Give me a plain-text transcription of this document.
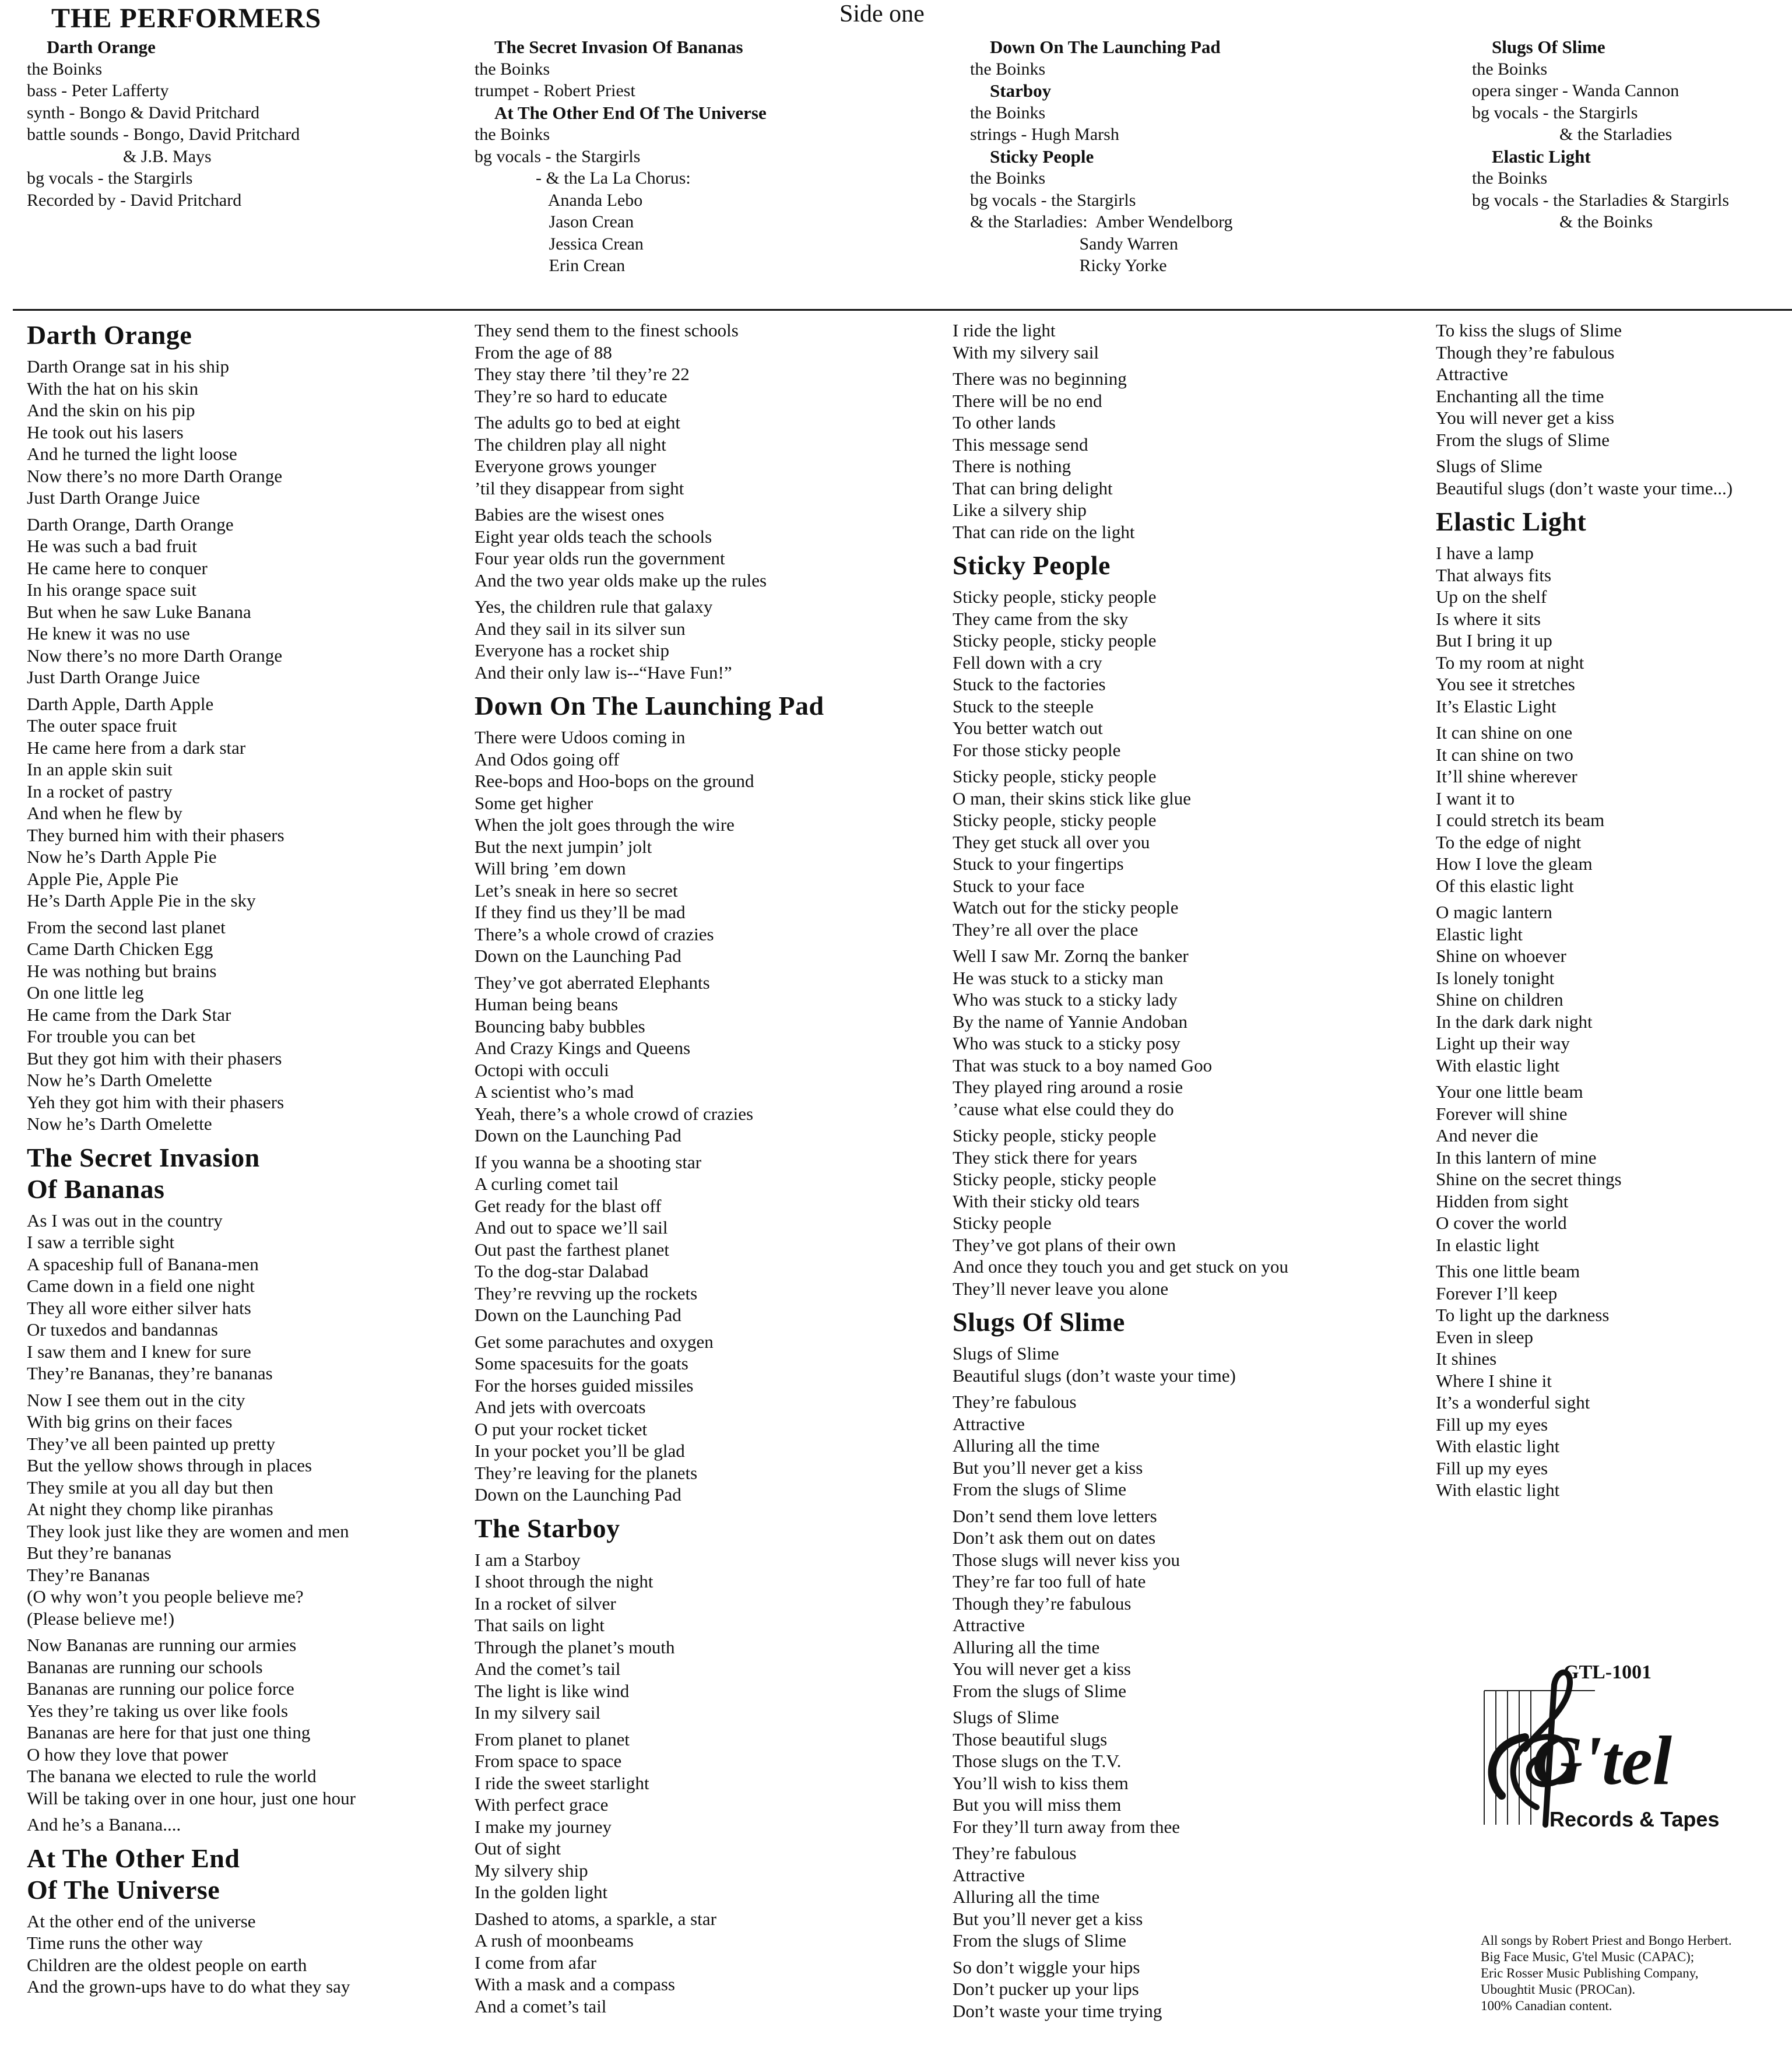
THE PERFORMERS	Side one
Darth Orange
the Boinks
bass - Peter Lafferty
synth - Bongo & David Pritchard
battle sounds - Bongo, David Pritchard
& J.B. Mays
bg vocals - the Stargirls
Recorded by - David Pritchard
The Secret Invasion Of Bananas
the Boinks
trumpet - Robert Priest
At The Other End Of The Universe
the Boinks
bg vocals - the Stargirls
- & the La La Chorus:
Ananda Lebo
Jason Crean
Jessica Crean
Erin Crean
Down On The Launching Pad
the Boinks
Starboy
the Boinks
strings - Hugh Marsh
Sticky People
the Boinks
bg vocals - the Stargirls
& the Starladies:  Amber Wendelborg
Sandy Warren
Ricky Yorke
Slugs Of Slime
the Boinks
opera singer - Wanda Cannon
bg vocals - the Stargirls
& the Starladies
Elastic Light
the Boinks
bg vocals - the Starladies & Stargirls
& the Boinks
Darth Orange
Darth Orange sat in his ship
With the hat on his skin
And the skin on his pip
He took out his lasers
And he turned the light loose
Now there’s no more Darth Orange
Just Darth Orange Juice
Darth Orange, Darth Orange
He was such a bad fruit
He came here to conquer
In his orange space suit
But when he saw Luke Banana
He knew it was no use
Now there’s no more Darth Orange
Just Darth Orange Juice
Darth Apple, Darth Apple
The outer space fruit
He came here from a dark star
In an apple skin suit
In a rocket of pastry
And when he flew by
They burned him with their phasers
Now he’s Darth Apple Pie
Apple Pie, Apple Pie
He’s Darth Apple Pie in the sky
From the second last planet
Came Darth Chicken Egg
He was nothing but brains
On one little leg
He came from the Dark Star
For trouble you can bet
But they got him with their phasers
Now he’s Darth Omelette
Yeh they got him with their phasers
Now he’s Darth Omelette
The Secret Invasion
Of Bananas
As I was out in the country
I saw a terrible sight
A spaceship full of Banana-men
Came down in a field one night
They all wore either silver hats
Or tuxedos and bandannas
I saw them and I knew for sure
They’re Bananas, they’re bananas
Now I see them out in the city
With big grins on their faces
They’ve all been painted up pretty
But the yellow shows through in places
They smile at you all day but then
At night they chomp like piranhas
They look just like they are women and men
But they’re bananas
They’re Bananas
(O why won’t you people believe me?
(Please believe me!)
Now Bananas are running our armies
Bananas are running our schools
Bananas are running our police force
Yes they’re taking us over like fools
Bananas are here for that just one thing
O how they love that power
The banana we elected to rule the world
Will be taking over in one hour, just one hour
And he’s a Banana....
At The Other End
Of The Universe
At the other end of the universe
Time runs the other way
Children are the oldest people on earth
And the grown-ups have to do what they say
They send them to the finest schools
From the age of 88
They stay there ’til they’re 22
They’re so hard to educate
The adults go to bed at eight
The children play all night
Everyone grows younger
’til they disappear from sight
Babies are the wisest ones
Eight year olds teach the schools
Four year olds run the government
And the two year olds make up the rules
Yes, the children rule that galaxy
And they sail in its silver sun
Everyone has a rocket ship
And their only law is--“Have Fun!”
Down On The Launching Pad
There were Udoos coming in
And Odos going off
Ree-bops and Hoo-bops on the ground
Some get higher
When the jolt goes through the wire
But the next jumpin’ jolt
Will bring ’em down
Let’s sneak in here so secret
If they find us they’ll be mad
There’s a whole crowd of crazies
Down on the Launching Pad
They’ve got aberrated Elephants
Human being beans
Bouncing baby bubbles
And Crazy Kings and Queens
Octopi with occuli
A scientist who’s mad
Yeah, there’s a whole crowd of crazies
Down on the Launching Pad
If you wanna be a shooting star
A curling comet tail
Get ready for the blast off
And out to space we’ll sail
Out past the farthest planet
To the dog-star Dalabad
They’re revving up the rockets
Down on the Launching Pad
Get some parachutes and oxygen
Some spacesuits for the goats
For the horses guided missiles
And jets with overcoats
O put your rocket ticket
In your pocket you’ll be glad
They’re leaving for the planets
Down on the Launching Pad
The Starboy
I am a Starboy
I shoot through the night
In a rocket of silver
That sails on light
Through the planet’s mouth
And the comet’s tail
The light is like wind
In my silvery sail
From planet to planet
From space to space
I ride the sweet starlight
With perfect grace
I make my journey
Out of sight
My silvery ship
In the golden light
Dashed to atoms, a sparkle, a star
A rush of moonbeams
I come from afar
With a mask and a compass
And a comet’s tail
I ride the light
With my silvery sail
There was no beginning
There will be no end
To other lands
This message send
There is nothing
That can bring delight
Like a silvery ship
That can ride on the light
Sticky People
Sticky people, sticky people
They came from the sky
Sticky people, sticky people
Fell down with a cry
Stuck to the factories
Stuck to the steeple
You better watch out
For those sticky people
Sticky people, sticky people
O man, their skins stick like glue
Sticky people, sticky people
They get stuck all over you
Stuck to your fingertips
Stuck to your face
Watch out for the sticky people
They’re all over the place
Well I saw Mr. Zornq the banker
He was stuck to a sticky man
Who was stuck to a sticky lady
By the name of Yannie Andoban
Who was stuck to a sticky posy
That was stuck to a boy named Goo
They played ring around a rosie
’cause what else could they do
Sticky people, sticky people
They stick there for years
Sticky people, sticky people
With their sticky old tears
Sticky people
They’ve got plans of their own
And once they touch you and get stuck on you
They’ll never leave you alone
Slugs Of Slime
Slugs of Slime
Beautiful slugs (don’t waste your time)
They’re fabulous
Attractive
Alluring all the time
But you’ll never get a kiss
From the slugs of Slime
Don’t send them love letters
Don’t ask them out on dates
Those slugs will never kiss you
They’re far too full of hate
Though they’re fabulous
Attractive
Alluring all the time
You will never get a kiss
From the slugs of Slime
Slugs of Slime
Those beautiful slugs
Those slugs on the T.V.
You’ll wish to kiss them
But you will miss them
For they’ll turn away from thee
They’re fabulous
Attractive
Alluring all the time
But you’ll never get a kiss
From the slugs of Slime
So don’t wiggle your hips
Don’t pucker up your lips
Don’t waste your time trying
To kiss the slugs of Slime
Though they’re fabulous
Attractive
Enchanting all the time
You will never get a kiss
From the slugs of Slime
Slugs of Slime
Beautiful slugs (don’t waste your time...)
Elastic Light
I have a lamp
That always fits
Up on the shelf
Is where it sits
But I bring it up
To my room at night
You see it stretches
It’s Elastic Light
It can shine on one
It can shine on two
It’ll shine wherever
I want it to
I could stretch its beam
To the edge of night
How I love the gleam
Of this elastic light
O magic lantern
Elastic light
Shine on whoever
Is lonely tonight
Shine on children
In the dark dark night
Light up their way
With elastic light
Your one little beam
Forever will shine
And never die
In this lantern of mine
Shine on the secret things
Hidden from sight
O cover the world
In elastic light
This one little beam
Forever I’ll keep
To light up the darkness
Even in sleep
It shines
Where I shine it
It’s a wonderful sight
Fill up my eyes
With elastic light
Fill up my eyes
With elastic light
GTL-1001
G'tel
Records & Tapes
All songs by Robert Priest and Bongo Herbert.
Big Face Music, G'tel Music (CAPAC);
Eric Rosser Music Publishing Company,
Uboughtit Music (PROCan).
100% Canadian content.
